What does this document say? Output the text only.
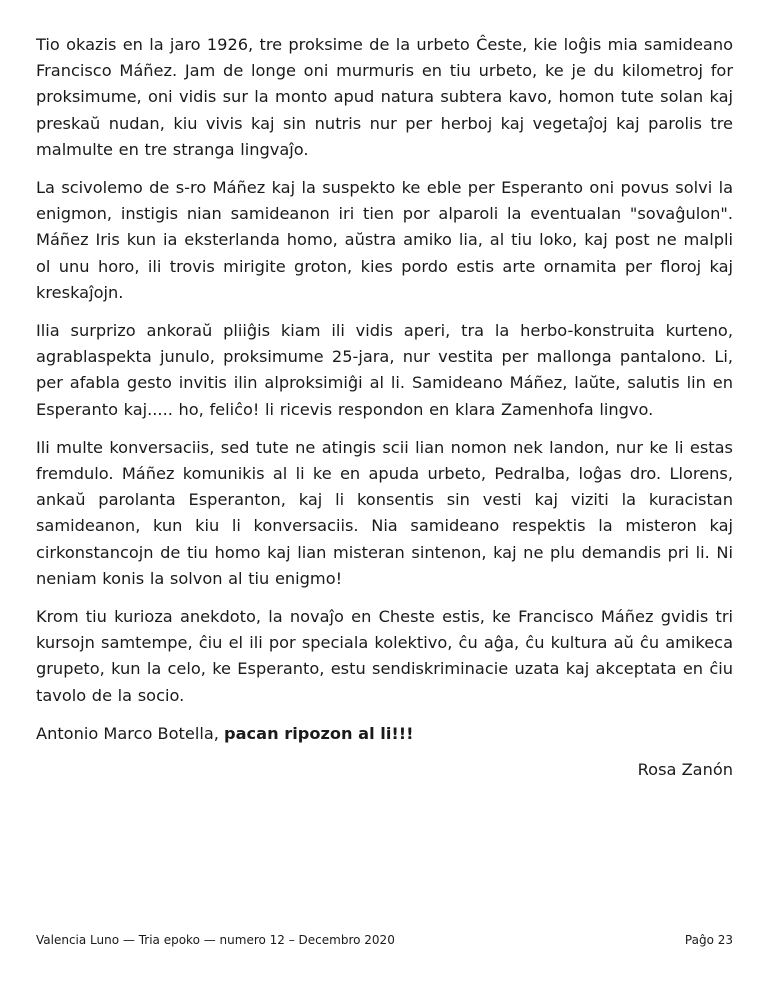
Tio okazis en la jaro 1926, tre proksime de la urbeto Ĉeste, kie loĝis mia samideano Francisco Máñez. Jam de longe oni murmuris en tiu urbeto, ke je du kilometroj for proksimume, oni vidis sur la monto apud natura subtera kavo, homon tute solan kaj preskaŭ nudan, kiu vivis kaj sin nutris nur per herboj kaj vegetaĵoj kaj parolis tre malmulte en tre stranga lingvaĵo.

La scivolemo de s-ro Máñez kaj la suspekto ke eble per Esperanto oni povus solvi la enigmon, instigis nian samideanon iri tien por alparoli la eventualan "sovaĝulon". Máñez Iris kun ia eksterlanda homo, aŭstra amiko lia, al tiu loko, kaj post ne malpli ol unu horo, ili trovis mirigite groton, kies pordo estis arte ornamita per floroj kaj kreskaĵojn.

Ilia surprizo ankoraŭ pliiĝis kiam ili vidis aperi, tra la herbo-konstruita kurteno, agrablaspekta junulo, proksimume 25-jara, nur vestita per mallonga pantalono. Li, per afabla gesto invitis ilin alproksimiĝi al li. Samideano Máñez, laŭte, salutis lin en Esperanto kaj..... ho, feliĉo! li ricevis respondon en klara Zamenhofa lingvo.

Ili multe konversaciis, sed tute ne atingis scii lian nomon nek landon, nur ke li estas fremdulo. Máñez komunikis al li ke en apuda urbeto, Pedralba, loĝas dro. Llorens, ankaŭ parolanta Esperanton, kaj li konsentis sin vesti kaj viziti la kuracistan samideanon, kun kiu li konversaciis. Nia samideano respektis la misteron kaj cirkonstancojn de tiu homo kaj lian misteran sintenon, kaj ne plu demandis pri li. Ni neniam konis la solvon al tiu enigmo!

Krom tiu kurioza anekdoto, la novaĵo en Cheste estis, ke Francisco Máñez gvidis tri kursojn samtempe, ĉiu el ili por speciala kolektivo, ĉu aĝa, ĉu kultura aŭ ĉu amikeca grupeto, kun la celo, ke Esperanto, estu sendiskriminacie uzata kaj akceptata en ĉiu tavolo de la socio.

Antonio Marco Botella, pacan ripozon al li!!!

Rosa Zanón

Valencia Luno — Tria epoko — numero 12 – Decembro 2020	Paĝo 23
